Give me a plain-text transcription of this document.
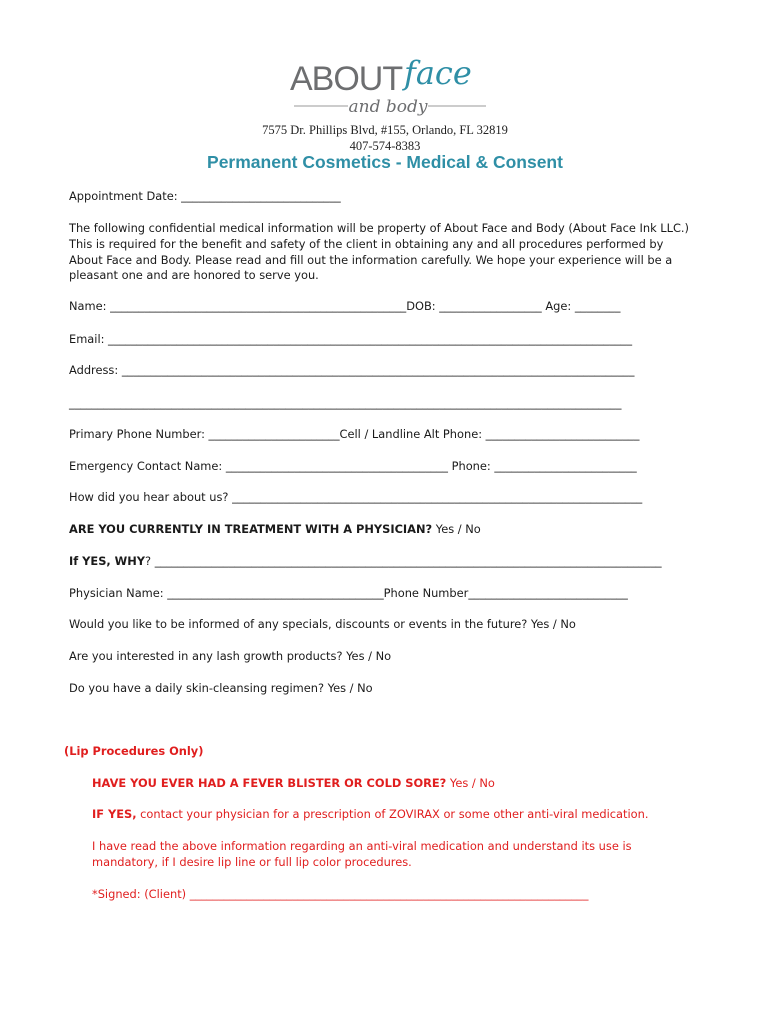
ABOUT face
and body
7575 Dr. Phillips Blvd, #155, Orlando, FL 32819
407-574-8383
Permanent Cosmetics - Medical & Consent
Appointment Date: ____________________________
The following confidential medical information will be property of About Face and Body (About Face Ink LLC.) This is required for the benefit and safety of the client in obtaining any and all procedures performed by About Face and Body. Please read and fill out the information carefully. We hope your experience will be a pleasant one and are honored to serve you.
Name: ____________________________________________________DOB: __________________ Age: ________
Email: ____________________________________________________________________________________________
Address: __________________________________________________________________________________________
_________________________________________________________________________________________________
Primary Phone Number: _______________________Cell / Landline Alt Phone: ___________________________
Emergency Contact Name: _______________________________________ Phone: _________________________
How did you hear about us? ________________________________________________________________________
ARE YOU CURRENTLY IN TREATMENT WITH A PHYSICIAN? Yes / No
If YES, WHY? _________________________________________________________________________________________
Physician Name: ______________________________________Phone Number____________________________
Would you like to be informed of any specials, discounts or events in the future? Yes / No
Are you interested in any lash growth products? Yes / No
Do you have a daily skin-cleansing regimen? Yes / No
(Lip Procedures Only)
HAVE YOU EVER HAD A FEVER BLISTER OR COLD SORE? Yes / No
IF YES, contact your physician for a prescription of ZOVIRAX or some other anti-viral medication.
I have read the above information regarding an anti-viral medication and understand its use is mandatory, if I desire lip line or full lip color procedures.
*Signed: (Client) ______________________________________________________________________
